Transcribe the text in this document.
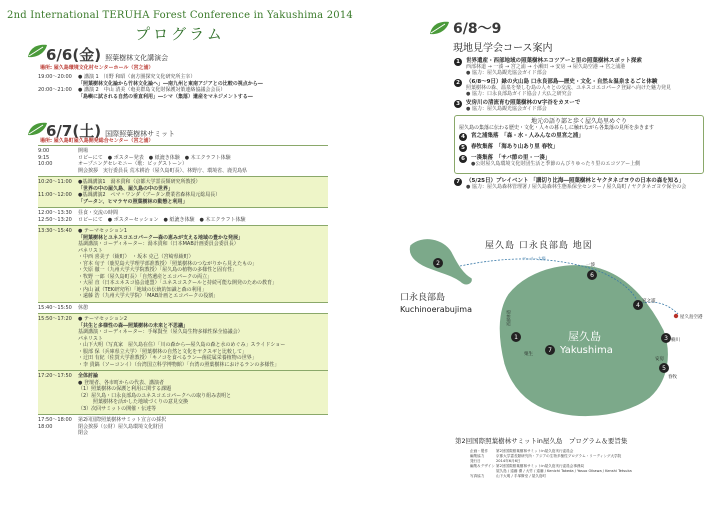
2nd International TERUHA Forest Conference in Yakushima 2014
プログラム
6/6(金) 照葉樹林文化講演会
場所: 屋久島環境文化村センターホール（宮之浦）
19:00～20:00	● 講演 1　川野 和昭（南方圏探究文化研究所主宰）
「照葉樹林文化論から竹林文化論へ」―南九州と東南アジアとの比較の視点から―
20:00～21:00	● 講演 2　中山 清美（奄美群島文化財保護対策連絡協議会会長）
「島嶼に試される自然の垂直利用」―シマ（集落）遺産をマネジメントする―
6/7(土) 国際照葉樹林サミット
場所: 屋久島町屋久島開発総合センター（宮之浦）
9:00	開場
9:15	ロビーにて　● ポスター発表　● 紙漉き体験　● 木工クラフト体験
10:00	オープニングセレモニー（歌：ビッグストーン）
開会挨拶　実行委員長 荒木耕治（屋久島町長）、林野庁、環境省、鹿児島県
10:20～11:00	●基調講演1　湯本貴和（京都大学霊長類研究所教授）
「世界の中の屋久島、屋久島の中の世界」
11:00～12:00	●基調講演2　ペマ・ワンダ（ブータン農業省森林局元総局長）
「ブータン、ヒマラヤの照葉樹林の動態と利用」
12:00～13:30	昼食・交流の時間
12:50～13:20	ロビーにて　● ポスターセッション　● 紙漉き体験　● 木工クラフト体験
13:30～15:40	● テーマセッション1
「照葉樹林とユネスコエコパーク―森の恵みが支える地域の豊かな発展」
基調講演・コーディネーター：湯本貴和（日本MAB計画委員会委員長）
パネリスト
・中西 喜美子（綾町）　・坂本 克己（宮崎県綾町）
・宮本 旬子（鹿児島大学理学部准教授）「照葉樹林のつながりから見えたもの」
・矢原 徹一（九州大学大学院教授）「屋久島の植物の多様性と固有性」
・牧野 一郎（屋久島町長）「自然遺産とエコパークの両立」
・大屋 直（日本ユネスコ協会連盟）「ユネスコスクールと持続可能な開発のための教育」
・内山 誠（TEK研究所）「地域の伝統的知識と森の利用」
・遠藤 浩（九州大学大学院）「MAB計画とエコパークの役割」
15:40～15:50	休憩
15:50～17:20	● テーマセッション2
「共生と多様性の森―照葉樹林の未来と不思議」
基調講演・コーディネーター：手塚賢至（屋久島生物多様性保全協議会）
パネリスト
・山下大明（写真家　屋久島在住）「川の森から―屋久島の森と水のめぐみ」スライドショー
・服部 保（兵庫県立大学）「照葉樹林の自然と文化をヤクスギと比較して」
・辻田 有紀（佐賀大学准教授）「キノコを食べるラン―菌従属栄養植物の世界」
・李 貴鎬（ソーコンイ）（台湾国立科学博物館）「台湾の照葉樹林におけるランの多様性」
17:20～17:50	全体討論
● 登壇者、各市町からの代表、講演者
（1）照葉樹林の保護と利用に関する課題
（2）屋久島・口永良部島のユネスコエコパークへの取り組み表明と
　　　照葉樹林を活かした地域づくりの意見交換
（3）次回サミットの開催・伝達等
17:50～18:00	第2回国際照葉樹林サミット宣言の採択
18:00	閉会挨拶（公財）屋久島環境文化財団
閉会
6/8～9
現地見学会コース案内
1	世界遺産・西部地域の照葉樹林エコツアーと里の照葉樹林スポット探索
西部林道 → 一湊 → 宮之浦 → 小瀬田 → 安房 → 屋久島空港 → 宮之浦港
● 協力：屋久島観光協会ガイド部会
2	（6/8～9日）緑の火山島 口永良部島―歴史・文化・自然＆温泉まるごと体験
照葉樹林の森、温泉を楽しむ島の人々との交流、ユネスコエコパーク登録へ向けた魅力発見
● 協力：口永良部島ガイド協会 / 大仏之研究会
3	安房川の清流育む照葉樹林のV字谷をカヌーで
● 協力：屋久島観光協会ガイド部会
地元の語り部と歩く屋久島里めぐり
屋久島の集落に伝わる歴史・文化・人々の暮らしに触れながら各集落の見所を歩きます
4	宮之浦集落　「森・水・人みんなの里宮之浦」
5	春牧集落　「海あり山あり里 春牧」
6	一湊集落　「サバ節の里・一湊」
●公財屋久島環境文化財団生活と季節のんびりゆったり里のエコツアー上側
7	（5/25日）プレイベント 「講切り比海―照葉樹林とヤクタネゴヨウの日本の森を知る」
● 協力：屋久島森林管理署 / 屋久島森林生態系保全センター / 屋久島町 / ヤクタネゴヨウ保全の会
屋久島 口永良部島 地図
2
6
4
1	3
5
7
口永良部島
Kuchinoerabujima
屋久島
Yakushima
宮之浦
屋久島空港
一湊
楠川
春牧
安房
栗生
フェリー太陽
西部林道
第2回国際照葉樹林サミットin屋久島　プログラム＆要旨集
企画・製作	第2回国際照葉樹林サミットin屋久島実行委員会
編集協力	京都大学霊長類研究所・アジアの生物多様性プログラム・リーディング大学院
発行日	2014年6月6日
編集＆デザイン 第2回国際照葉樹林サミットin屋久島実行委員会事務局
屋久島 / 遠藤 優 / 大竹 / 遠藤 / Kenichi Takeda / Yasuo Oikawa / Kenshi Tetsuka
写真協力	山下大明 / 手塚賢至 / 屋久島町
